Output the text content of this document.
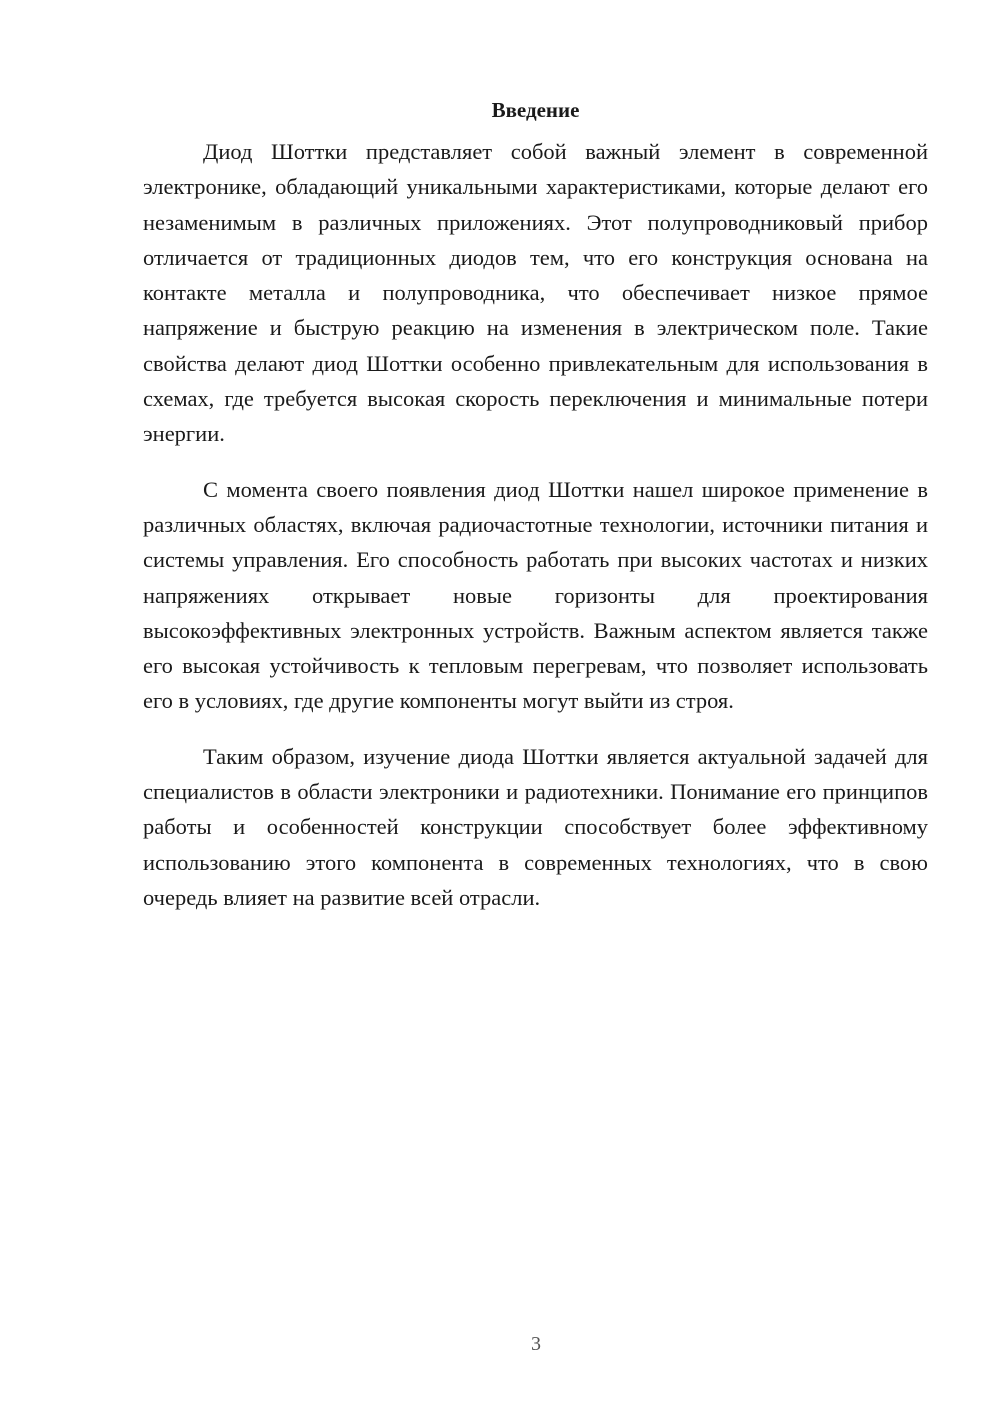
Введение

Диод Шоттки представляет собой важный элемент в современной электронике, обладающий уникальными характеристиками, которые делают его незаменимым в различных приложениях. Этот полупроводниковый прибор отличается от традиционных диодов тем, что его конструкция основана на контакте металла и полупроводника, что обеспечивает низкое прямое напряжение и быструю реакцию на изменения в электрическом поле. Такие свойства делают диод Шоттки особенно привлекательным для использования в схемах, где требуется высокая скорость переключения и минимальные потери энергии.

С момента своего появления диод Шоттки нашел широкое применение в различных областях, включая радиочастотные технологии, источники питания и системы управления. Его способность работать при высоких частотах и низких напряжениях открывает новые горизонты для проектирования высокоэффективных электронных устройств. Важным аспектом является также его высокая устойчивость к тепловым перегревам, что позволяет использовать его в условиях, где другие компоненты могут выйти из строя.

Таким образом, изучение диода Шоттки является актуальной задачей для специалистов в области электроники и радиотехники. Понимание его принципов работы и особенностей конструкции способствует более эффективному использованию этого компонента в современных технологиях, что в свою очередь влияет на развитие всей отрасли.

3
